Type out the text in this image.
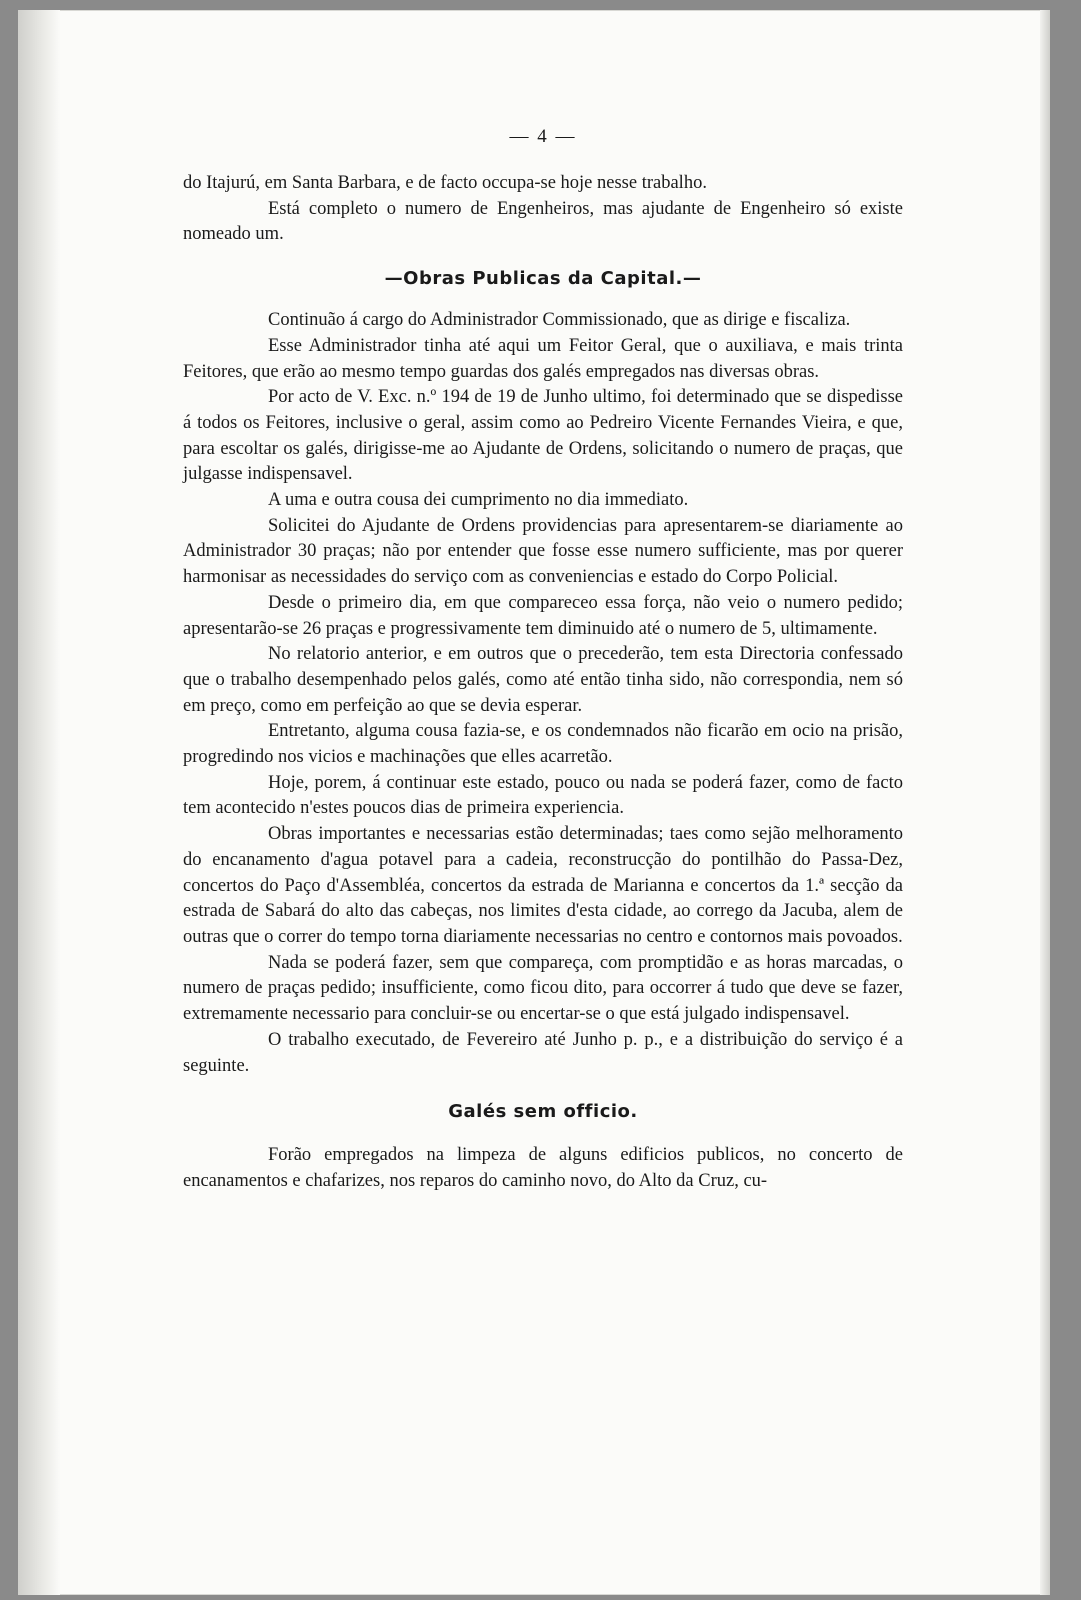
— 4 —

do Itajurú, em Santa Barbara, e de facto occupa-se hoje nesse trabalho.

Está completo o numero de Engenheiros, mas ajudante de Engenheiro só existe nomeado um.

—Obras Publicas da Capital.—

Continuão á cargo do Administrador Commissionado, que as dirige e fiscaliza.

Esse Administrador tinha até aqui um Feitor Geral, que o auxiliava, e mais trinta Feitores, que erão ao mesmo tempo guardas dos galés empregados nas diversas obras.

Por acto de V. Exc. n.º 194 de 19 de Junho ultimo, foi determinado que se dispedisse á todos os Feitores, inclusive o geral, assim como ao Pedreiro Vicente Fernandes Vieira, e que, para escoltar os galés, dirigisse-me ao Ajudante de Ordens, solicitando o numero de praças, que julgasse indispensavel.

A uma e outra cousa dei cumprimento no dia immediato.

Solicitei do Ajudante de Ordens providencias para apresentarem-se diariamente ao Administrador 30 praças; não por entender que fosse esse numero sufficiente, mas por querer harmonisar as necessidades do serviço com as conveniencias e estado do Corpo Policial.

Desde o primeiro dia, em que compareceo essa força, não veio o numero pedido; apresentarão-se 26 praças e progressivamente tem diminuido até o numero de 5, ultimamente.

No relatorio anterior, e em outros que o precederão, tem esta Directoria confessado que o trabalho desempenhado pelos galés, como até então tinha sido, não correspondia, nem só em preço, como em perfeição ao que se devia esperar.

Entretanto, alguma cousa fazia-se, e os condemnados não ficarão em ocio na prisão, progredindo nos vicios e machinações que elles acarretão.

Hoje, porem, á continuar este estado, pouco ou nada se poderá fazer, como de facto tem acontecido n'estes poucos dias de primeira experiencia.

Obras importantes e necessarias estão determinadas; taes como sejão melhoramento do encanamento d'agua potavel para a cadeia, reconstrucção do pontilhão do Passa-Dez, concertos do Paço d'Assembléa, concertos da estrada de Marianna e concertos da 1.ª secção da estrada de Sabará do alto das cabeças, nos limites d'esta cidade, ao corrego da Jacuba, alem de outras que o correr do tempo torna diariamente necessarias no centro e contornos mais povoados.

Nada se poderá fazer, sem que compareça, com promptidão e as horas marcadas, o numero de praças pedido; insufficiente, como ficou dito, para occorrer á tudo que deve se fazer, extremamente necessario para concluir-se ou encertar-se o que está julgado indispensavel.

O trabalho executado, de Fevereiro até Junho p. p., e a distribuição do serviço é a seguinte.

Galés sem officio.

Forão empregados na limpeza de alguns edificios publicos, no concerto de encanamentos e chafarizes, nos reparos do caminho novo, do Alto da Cruz, cu-
